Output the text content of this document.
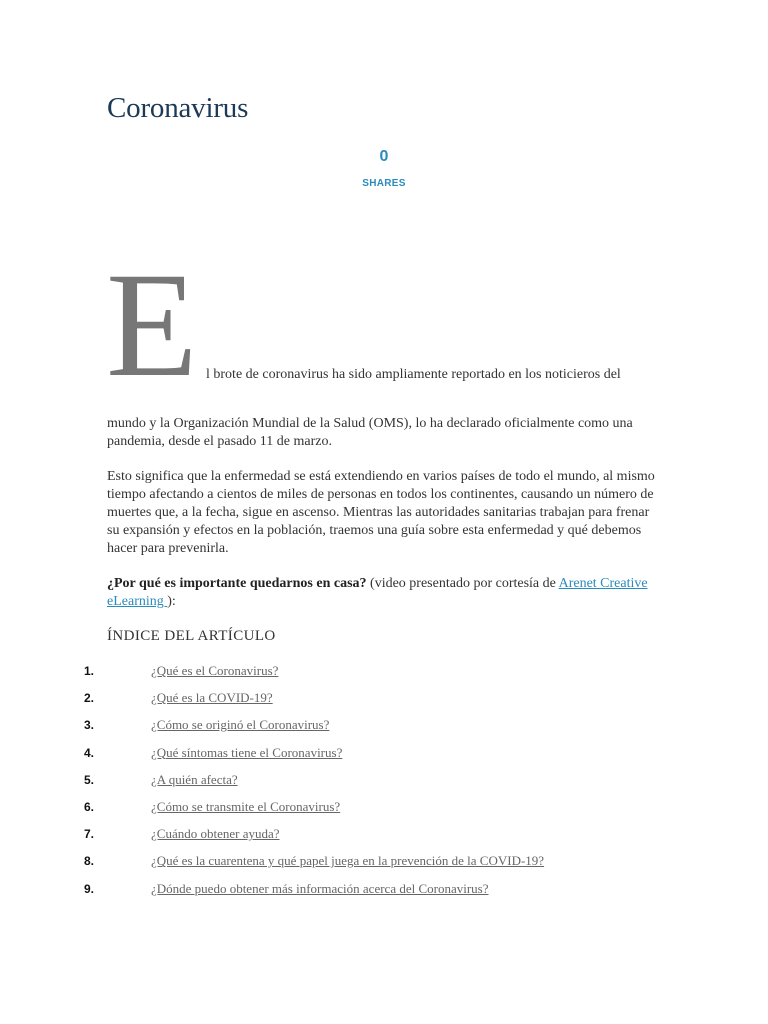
Coronavirus
0
SHARES
E l brote de coronavirus ha sido ampliamente reportado en los noticieros del

mundo y la Organización Mundial de la Salud (OMS), lo ha declarado oficialmente como una pandemia, desde el pasado 11 de marzo.

Esto significa que la enfermedad se está extendiendo en varios países de todo el mundo, al mismo tiempo afectando a cientos de miles de personas en todos los continentes, causando un número de muertes que, a la fecha, sigue en ascenso. Mientras las autoridades sanitarias trabajan para frenar su expansión y efectos en la población, traemos una guía sobre esta enfermedad y qué debemos hacer para prevenirla.

¿Por qué es importante quedarnos en casa? (video presentado por cortesía de Arenet Creative eLearning ):

ÍNDICE DEL ARTÍCULO
1.	¿Qué es el Coronavirus?
2.	¿Qué es la COVID-19?
3.	¿Cómo se originó el Coronavirus?
4.	¿Qué síntomas tiene el Coronavirus?
5.	¿A quién afecta?
6.	¿Cómo se transmite el Coronavirus?
7.	¿Cuándo obtener ayuda?
8.	¿Qué es la cuarentena y qué papel juega en la prevención de la COVID-19?
9.	¿Dónde puedo obtener más información acerca del Coronavirus?
